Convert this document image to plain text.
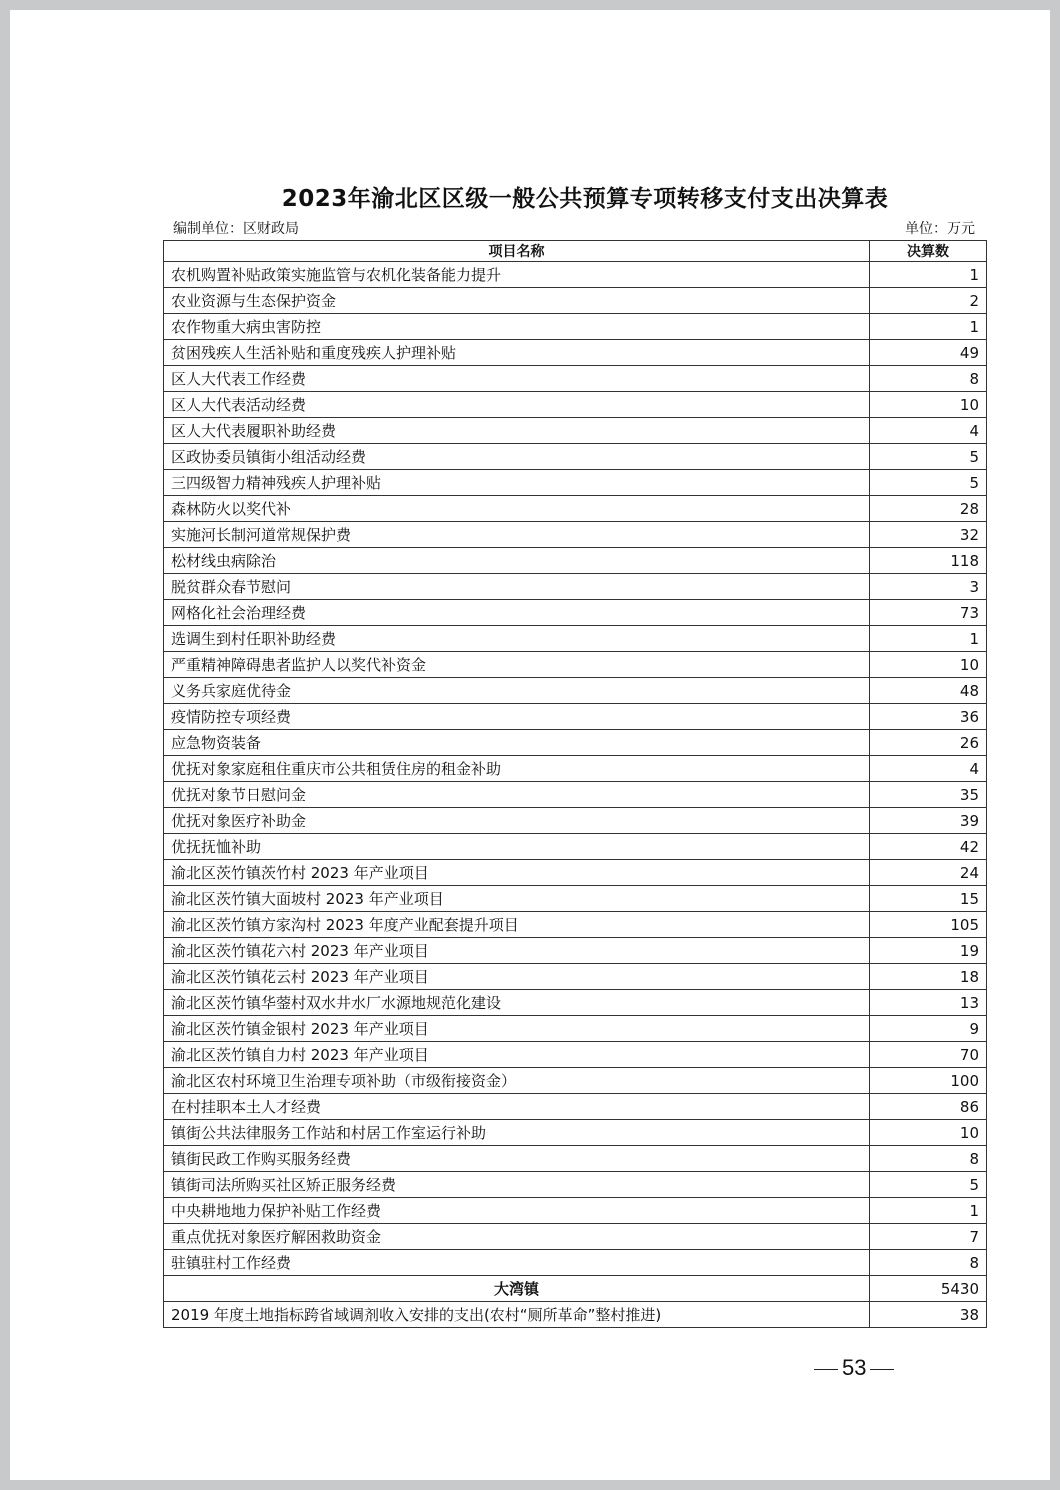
2023年渝北区区级一般公共预算专项转移支付支出决算表
编制单位：区财政局	单位：万元
项目名称	决算数
农机购置补贴政策实施监管与农机化装备能力提升	1
农业资源与生态保护资金	2
农作物重大病虫害防控	1
贫困残疾人生活补贴和重度残疾人护理补贴	49
区人大代表工作经费	8
区人大代表活动经费	10
区人大代表履职补助经费	4
区政协委员镇街小组活动经费	5
三四级智力精神残疾人护理补贴	5
森林防火以奖代补	28
实施河长制河道常规保护费	32
松材线虫病除治	118
脱贫群众春节慰问	3
网格化社会治理经费	73
选调生到村任职补助经费	1
严重精神障碍患者监护人以奖代补资金	10
义务兵家庭优待金	48
疫情防控专项经费	36
应急物资装备	26
优抚对象家庭租住重庆市公共租赁住房的租金补助	4
优抚对象节日慰问金	35
优抚对象医疗补助金	39
优抚抚恤补助	42
渝北区茨竹镇茨竹村 2023 年产业项目	24
渝北区茨竹镇大面坡村 2023 年产业项目	15
渝北区茨竹镇方家沟村 2023 年度产业配套提升项目	105
渝北区茨竹镇花六村 2023 年产业项目	19
渝北区茨竹镇花云村 2023 年产业项目	18
渝北区茨竹镇华蓥村双水井水厂水源地规范化建设	13
渝北区茨竹镇金银村 2023 年产业项目	9
渝北区茨竹镇自力村 2023 年产业项目	70
渝北区农村环境卫生治理专项补助（市级衔接资金）	100
在村挂职本土人才经费	86
镇街公共法律服务工作站和村居工作室运行补助	10
镇街民政工作购买服务经费	8
镇街司法所购买社区矫正服务经费	5
中央耕地地力保护补贴工作经费	1
重点优抚对象医疗解困救助资金	7
驻镇驻村工作经费	8
大湾镇	5430
2019 年度土地指标跨省域调剂收入安排的支出(农村“厕所革命”整村推进)	38
53
